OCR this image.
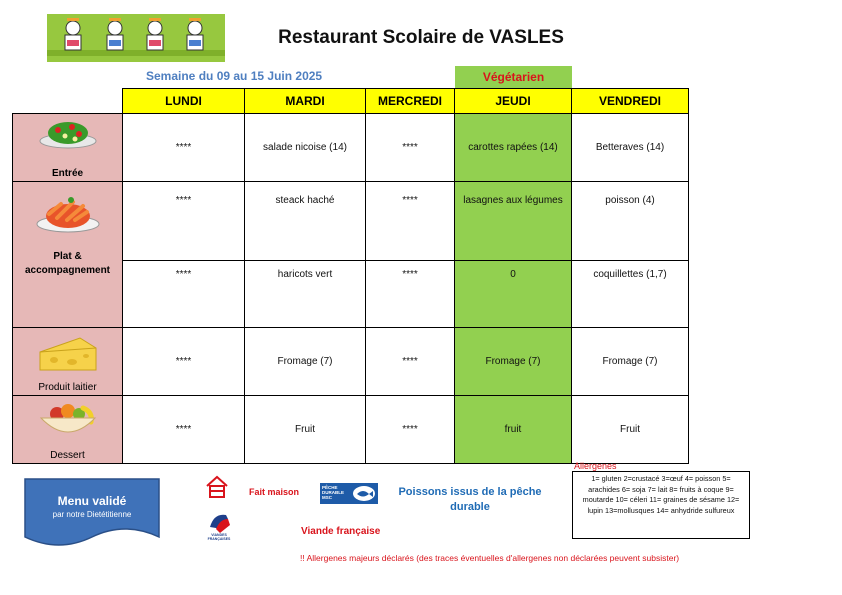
Restaurant Scolaire de VASLES
Semaine du 09 au 15 Juin 2025	Végétarien
	LUNDI	MARDI	MERCREDI	JEUDI	VENDREDI

Entrée	****	salade nicoise (14)	****	carottes rapées (14)	Betteraves (14)

Plat & accompagnement	****	steack haché	****	lasagnes aux légumes	poisson (4)
	****	haricots vert	****	0	coquillettes (1,7)

Produit laitier	****	Fromage (7)	****	Fromage (7)	Fromage (7)

Dessert	****	Fruit	****	fruit	Fruit
Menu validé
par notre Dietétitienne
Fait maison	PÊCHE DURABLE MSC	Poissons issus de la pêche durable
VIANDES FRANÇAISES
Viande française
Allergenes
1= gluten 2=crustacé 3=œuf 4= poisson 5= arachides 6= soja 7= lait 8= fruits à coque 9= moutarde 10= céleri 11= graines de sésame 12= lupin 13=mollusques 14= anhydride sulfureux
!! Allergenes majeurs déclarés (des traces éventuelles d'allergenes non déclarées peuvent subsister)
